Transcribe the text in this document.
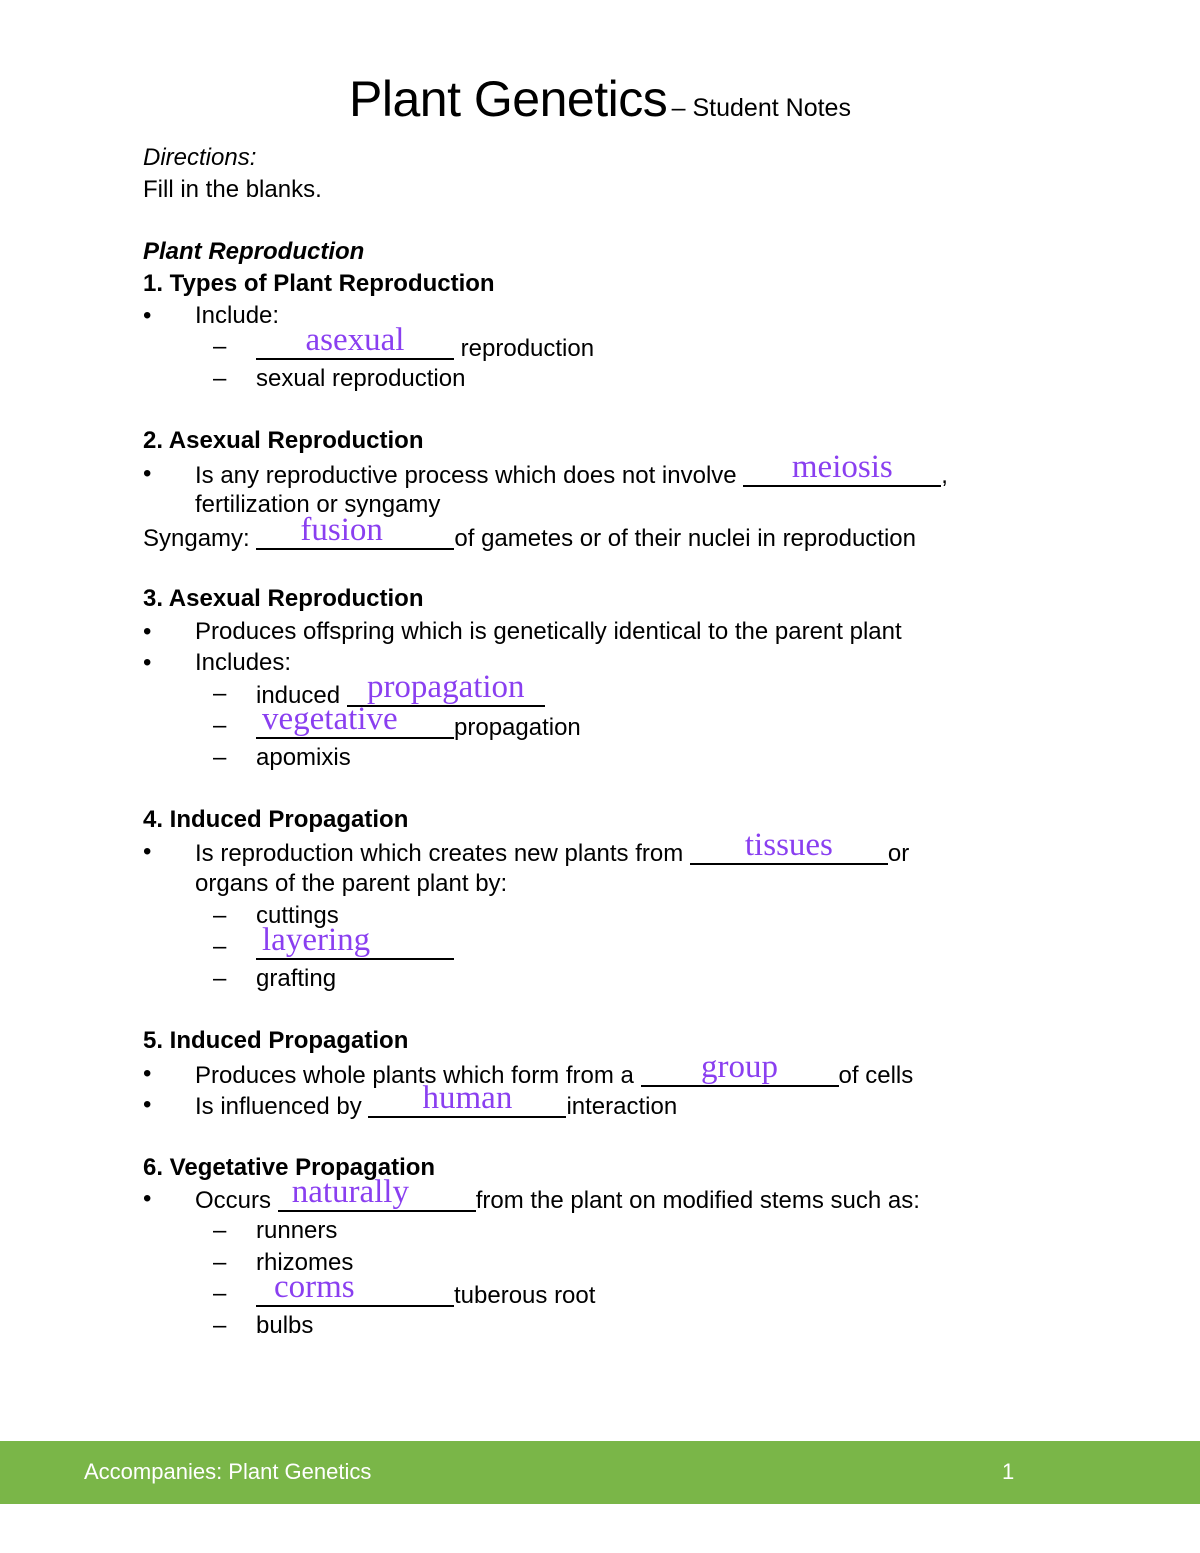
Plant Genetics – Student Notes
Directions:
Fill in the blanks.
Plant Reproduction
1. Types of Plant Reproduction
• Include:
–	asexual	reproduction
– sexual reproduction
2. Asexual Reproduction
• Is any reproductive process which does not involve	meiosis	,
fertilization or syngamy
Syngamy:	fusion	of gametes or of their nuclei in reproduction
3. Asexual Reproduction
• Produces offspring which is genetically identical to the parent plant
• Includes:
– induced propagation
– vegetative	propagation
– apomixis
4. Induced Propagation
• Is reproduction which creates new plants from	tissues	or
organs of the parent plant by:
– cuttings
– layering
– grafting
5. Induced Propagation
• Produces whole plants which form from a	group	of cells
• Is influenced by	human	interaction
6. Vegetative Propagation
• Occurs naturally	from the plant on modified stems such as:
– runners
– rhizomes
–	corms	tuberous root
– bulbs
Accompanies: Plant Genetics	1
